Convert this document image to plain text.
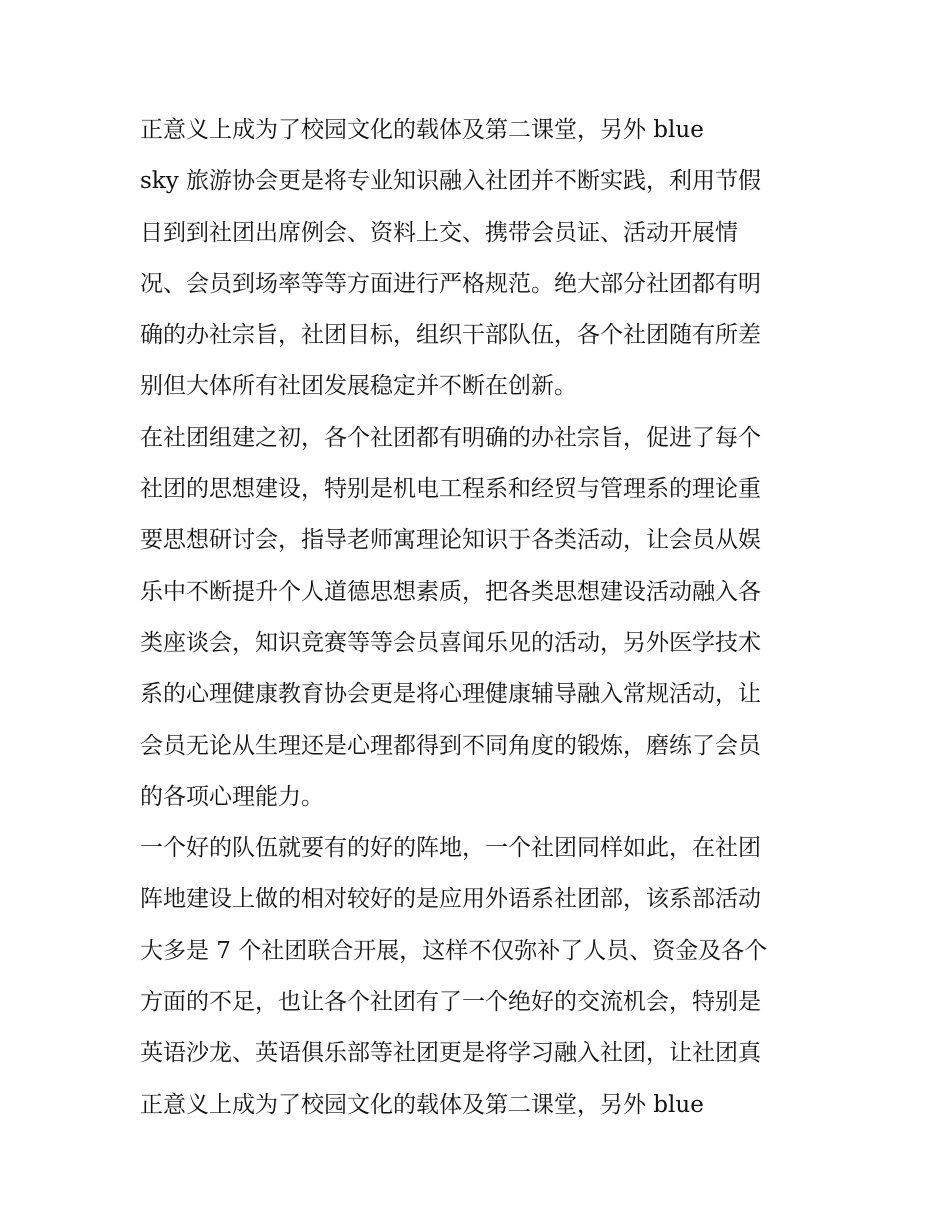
正意义上成为了校园文化的载体及第二课堂，另外 blue
sky 旅游协会更是将专业知识融入社团并不断实践，利用节假
日到到社团出席例会、资料上交、携带会员证、活动开展情
况、会员到场率等等方面进行严格规范。绝大部分社团都有明
确的办社宗旨，社团目标，组织干部队伍，各个社团随有所差
别但大体所有社团发展稳定并不断在创新。
在社团组建之初，各个社团都有明确的办社宗旨，促进了每个
社团的思想建设，特别是机电工程系和经贸与管理系的理论重
要思想研讨会，指导老师寓理论知识于各类活动，让会员从娱
乐中不断提升个人道德思想素质，把各类思想建设活动融入各
类座谈会，知识竞赛等等会员喜闻乐见的活动，另外医学技术
系的心理健康教育协会更是将心理健康辅导融入常规活动，让
会员无论从生理还是心理都得到不同角度的锻炼，磨练了会员
的各项心理能力。
一个好的队伍就要有的好的阵地，一个社团同样如此，在社团
阵地建设上做的相对较好的是应用外语系社团部，该系部活动
大多是 7 个社团联合开展，这样不仅弥补了人员、资金及各个
方面的不足，也让各个社团有了一个绝好的交流机会，特别是
英语沙龙、英语俱乐部等社团更是将学习融入社团，让社团真
正意义上成为了校园文化的载体及第二课堂，另外 blue
